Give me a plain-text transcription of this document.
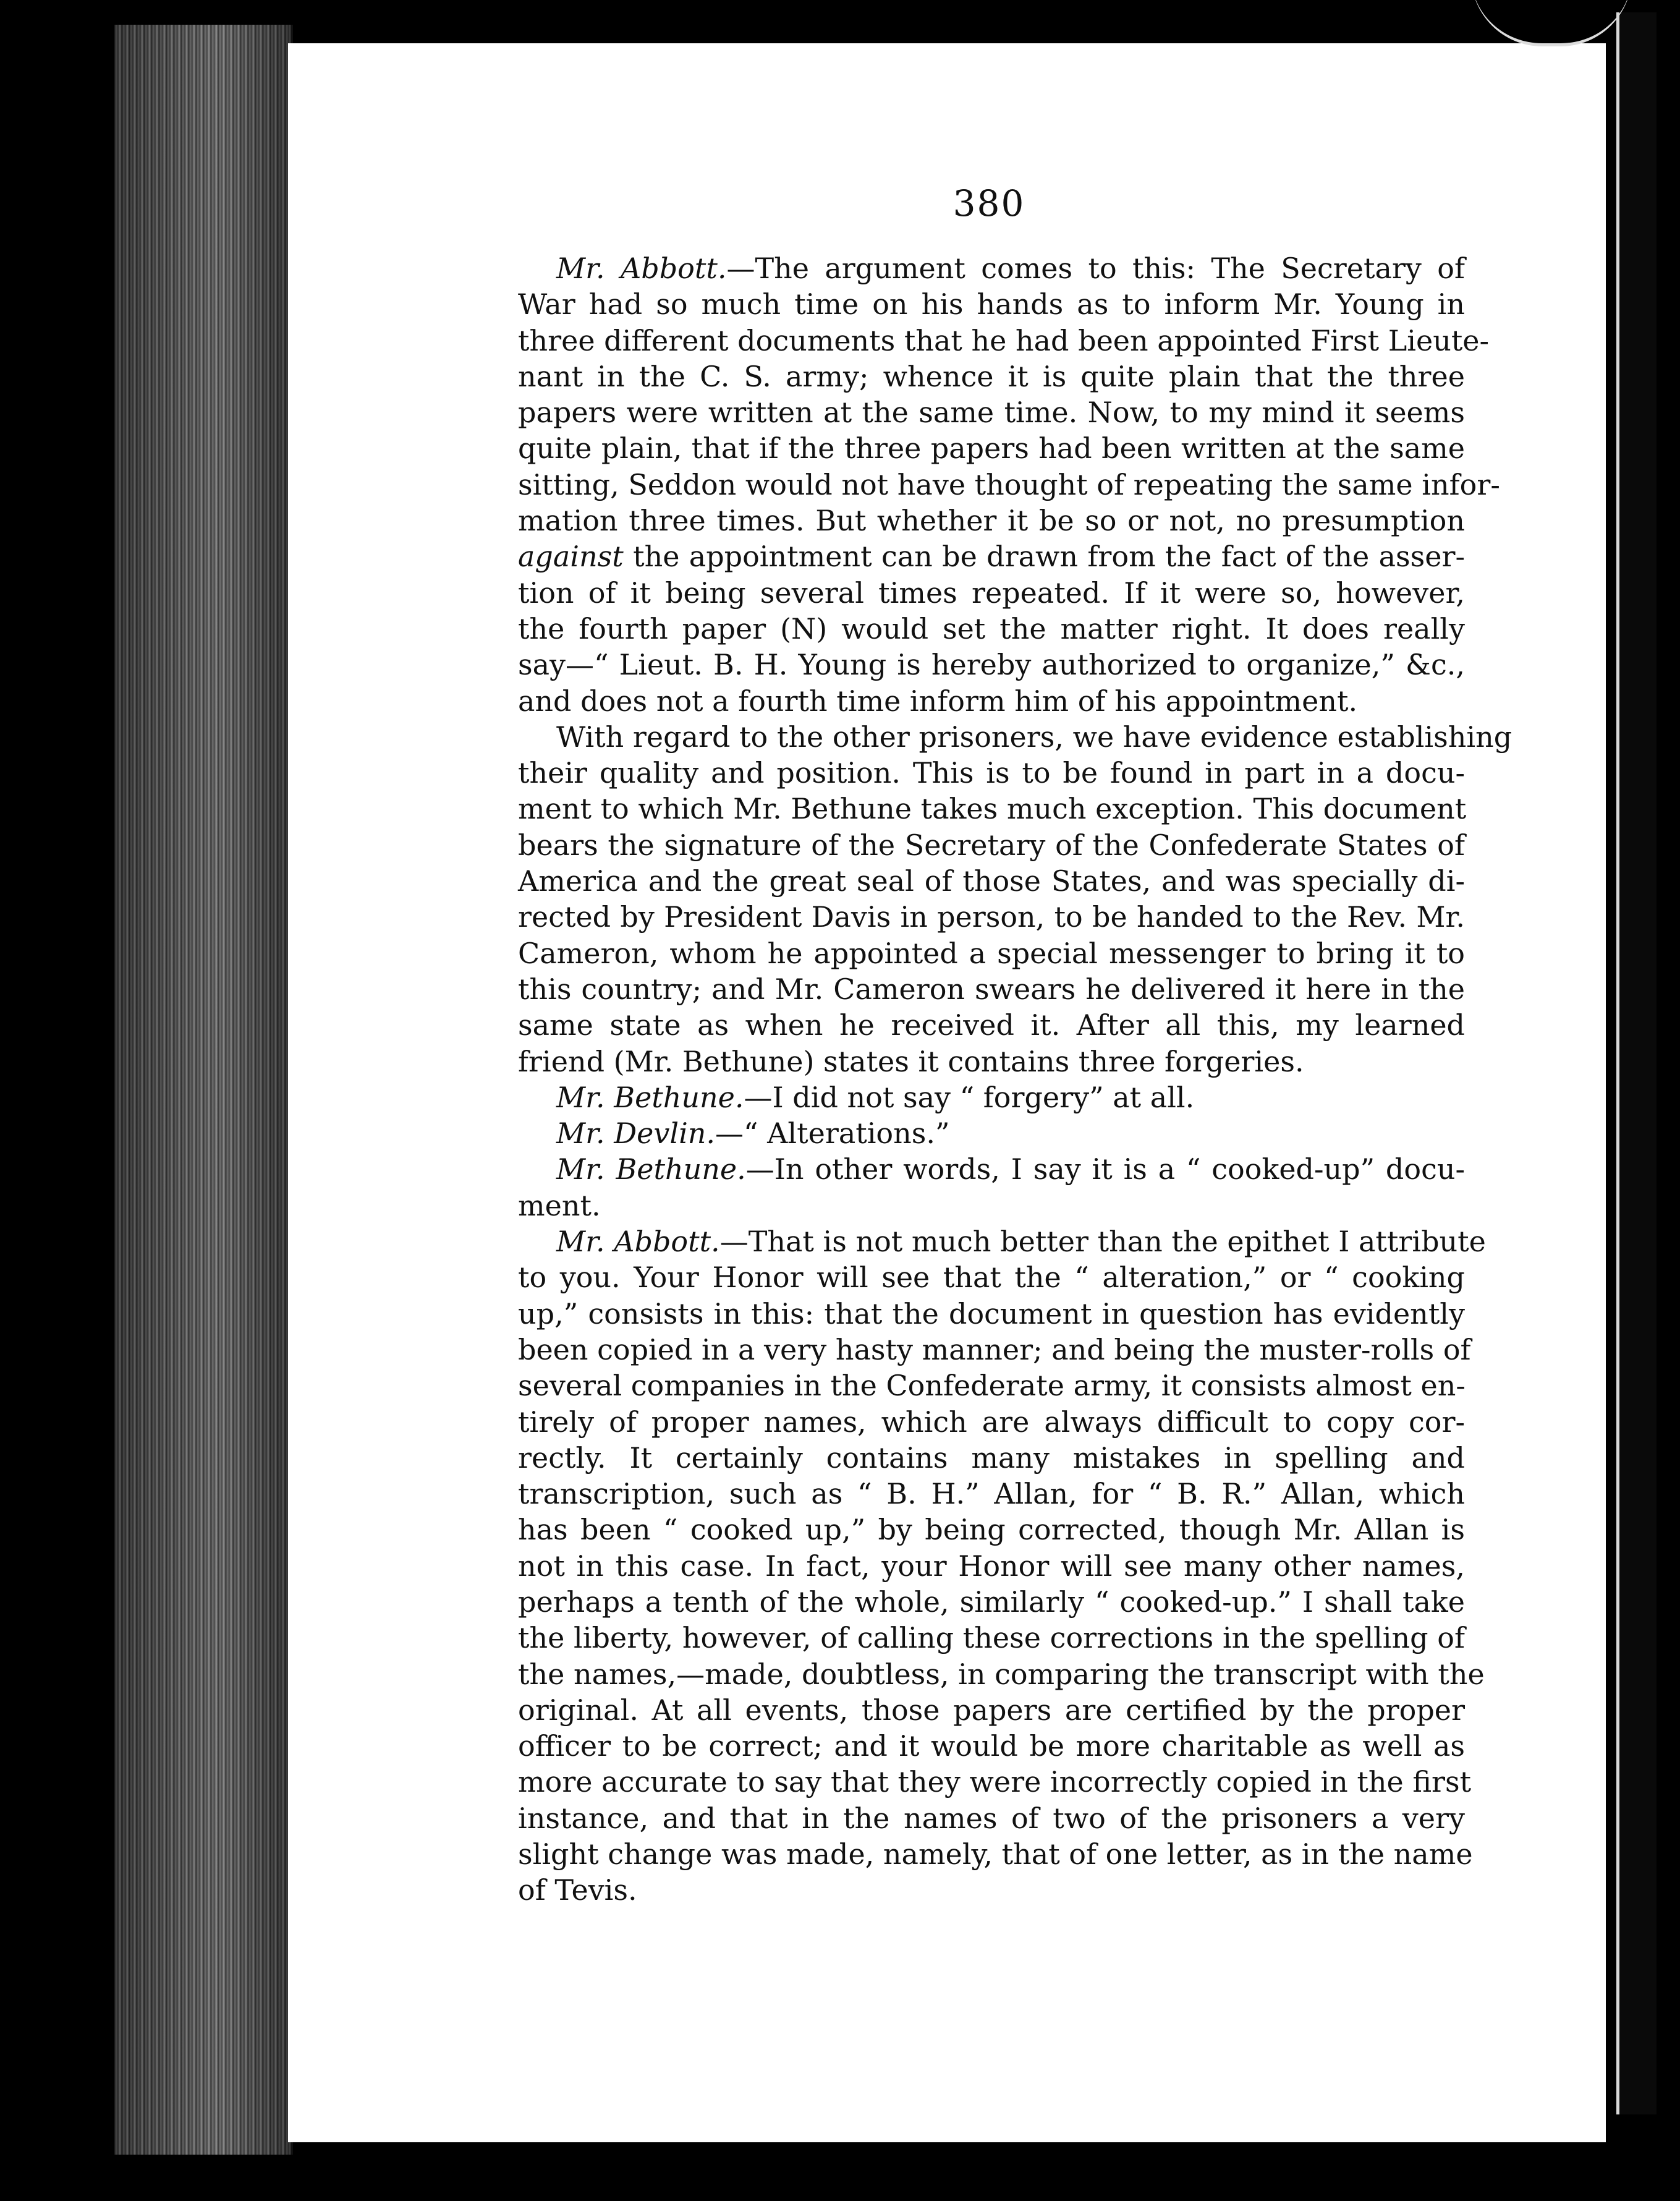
380
Mr. Abbott.—The argument comes to this: The Secretary of
War had so much time on his hands as to inform Mr. Young in
three different documents that he had been appointed First Lieute-
nant in the C. S. army; whence it is quite plain that the three
papers were written at the same time. Now, to my mind it seems
quite plain, that if the three papers had been written at the same
sitting, Seddon would not have thought of repeating the same infor-
mation three times. But whether it be so or not, no presumption
against the appointment can be drawn from the fact of the asser-
tion of it being several times repeated. If it were so, however,
the fourth paper (N) would set the matter right. It does really
say—“ Lieut. B. H. Young is hereby authorized to organize,” &c.,
and does not a fourth time inform him of his appointment.
With regard to the other prisoners, we have evidence establishing
their quality and position. This is to be found in part in a docu-
ment to which Mr. Bethune takes much exception. This document
bears the signature of the Secretary of the Confederate States of
America and the great seal of those States, and was specially di-
rected by President Davis in person, to be handed to the Rev. Mr.
Cameron, whom he appointed a special messenger to bring it to
this country; and Mr. Cameron swears he delivered it here in the
same state as when he received it. After all this, my learned
friend (Mr. Bethune) states it contains three forgeries.
Mr. Bethune.—I did not say “ forgery” at all.
Mr. Devlin.—“ Alterations.”
Mr. Bethune.—In other words, I say it is a “ cooked-up” docu-
ment.
Mr. Abbott.—That is not much better than the epithet I attribute
to you. Your Honor will see that the “ alteration,” or “ cooking
up,” consists in this: that the document in question has evidently
been copied in a very hasty manner; and being the muster-rolls of
several companies in the Confederate army, it consists almost en-
tirely of proper names, which are always difficult to copy cor-
rectly. It certainly contains many mistakes in spelling and
transcription, such as “ B. H.” Allan, for “ B. R.” Allan, which
has been “ cooked up,” by being corrected, though Mr. Allan is
not in this case. In fact, your Honor will see many other names,
perhaps a tenth of the whole, similarly “ cooked-up.” I shall take
the liberty, however, of calling these corrections in the spelling of
the names,—made, doubtless, in comparing the transcript with the
original. At all events, those papers are certified by the proper
officer to be correct; and it would be more charitable as well as
more accurate to say that they were incorrectly copied in the first
instance, and that in the names of two of the prisoners a very
slight change was made, namely, that of one letter, as in the name
of Tevis.
